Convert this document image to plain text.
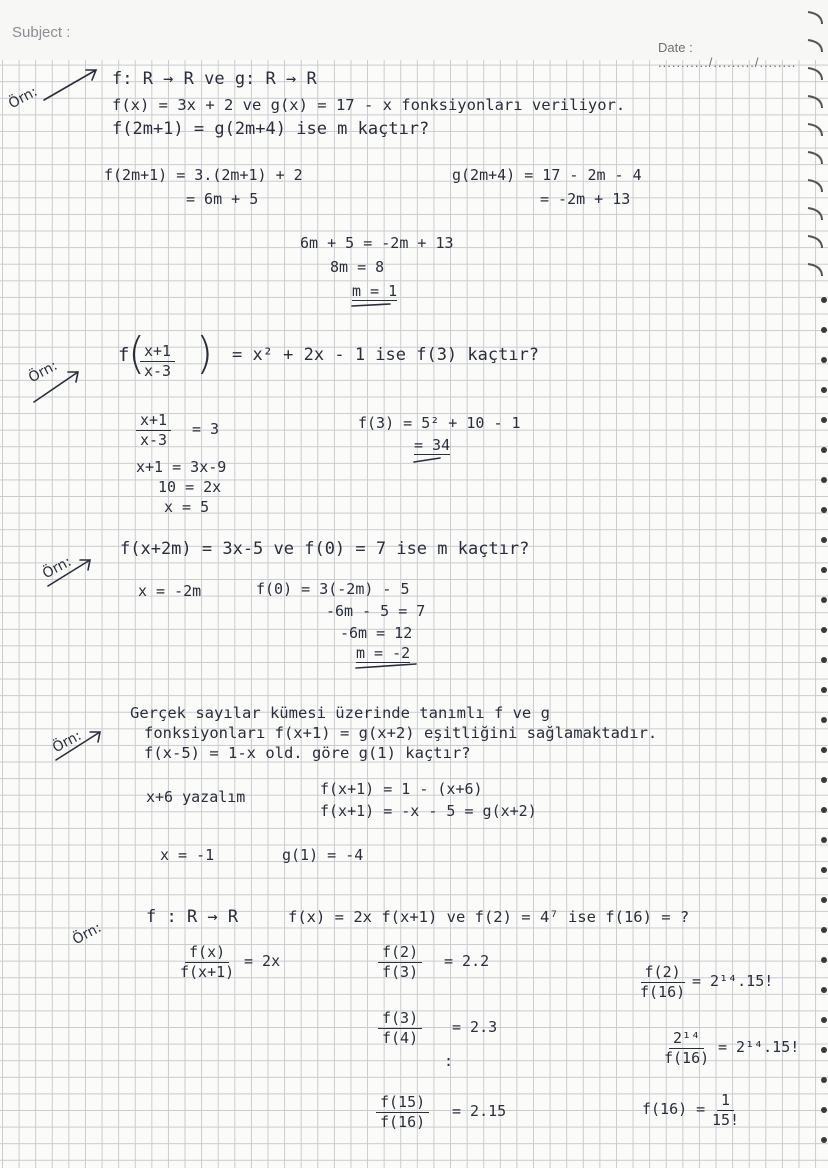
Subject :
Date : .........../........./........
Örn:
f: R → R ve g: R → R
f(x) = 3x + 2 ve g(x) = 17 - x fonksiyonları veriliyor.
f(2m+1) = g(2m+4) ise m kaçtır?
f(2m+1) = 3.(2m+1) + 2
= 6m + 5
g(2m+4) = 17 - 2m - 4
= -2m + 13
6m + 5 = -2m + 13
8m = 8
m = 1
Örn:
f
(
$\frac{x+1}{x-3}$ ) = x² + 2x - 1 ise f(3) kaçtır?
$\frac{x+1}{x-3} = 3$
x+1 = 3x-9
10 = 2x
x = 5
f(3) = 5² + 10 - 1
= 34
Örn:
f(x+2m) = 3x-5 ve f(0) = 7 ise m kaçtır?
x = -2m	f(0) = 3(-2m) - 5
-6m - 5 = 7
-6m = 12
m = -2
Örn:
Gerçek sayılar kümesi üzerinde tanımlı f ve g
fonksiyonları f(x+1) = g(x+2) eşitliğini sağlamaktadır.
f(x-5) = 1-x old. göre g(1) kaçtır?
x+6 yazalım	f(x+1) = 1 - (x+6)
f(x+1) = -x - 5 = g(x+2)
x = -1	g(1) = -4
Örn:
f : R → R	f(x) = 2x f(x+1) ve f(2) = 4⁷ ise f(16) = ?
$\frac{f(x)}{f(x+1)} = 2x$	$\frac{f(2)}{f(3)} = 2.2$
$\frac{f(3)}{f(4)} = 2.3$
:
$\frac{f(15)}{f(16)} = 2.15$
$\frac{f(2)}{f(16)} = 2^{14}.15$!
$\frac{\text{2¹⁴}}{f(16)} = 2^{14}.15$!
$f(16) = \frac{1}{15!}$
